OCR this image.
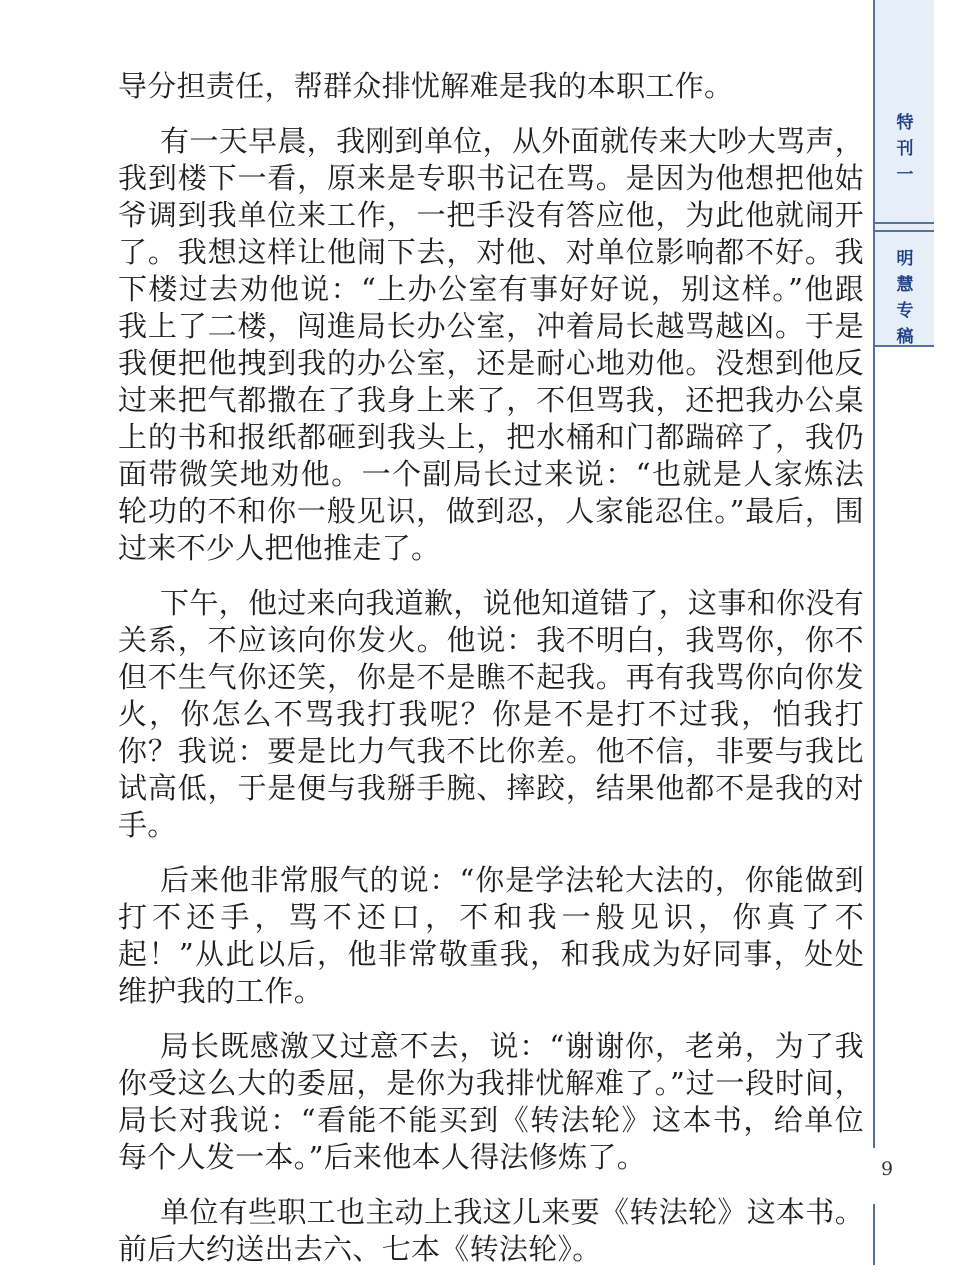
特
刊
一
明
慧
专
稿

导分担责任，帮群众排忧解难是我的本职工作。

有一天早晨，我刚到单位，从外面就传来大吵大骂声，我到楼下一看，原来是专职书记在骂。是因为他想把他姑爷调到我单位来工作，一把手没有答应他，为此他就闹开了。我想这样让他闹下去，对他、对单位影响都不好。我下楼过去劝他说：“上办公室有事好好说，别这样。”他跟我上了二楼，闯進局长办公室，冲着局长越骂越凶。于是我便把他拽到我的办公室，还是耐心地劝他。没想到他反过来把气都撒在了我身上来了，不但骂我，还把我办公桌上的书和报纸都砸到我头上，把水桶和门都踹碎了，我仍面带微笑地劝他。一个副局长过来说：“也就是人家炼法轮功的不和你一般见识，做到忍，人家能忍住。”最后，围过来不少人把他推走了。

下午，他过来向我道歉，说他知道错了，这事和你没有关系，不应该向你发火。他说：我不明白，我骂你，你不但不生气你还笑，你是不是瞧不起我。再有我骂你向你发火，你怎么不骂我打我呢？你是不是打不过我，怕我打你？我说：要是比力气我不比你差。他不信，非要与我比试高低，于是便与我掰手腕、摔跤，结果他都不是我的对手。

后来他非常服气的说：“你是学法轮大法的，你能做到打不还手，骂不还口，不和我一般见识，你真了不起！”从此以后，他非常敬重我，和我成为好同事，处处维护我的工作。

局长既感激又过意不去，说：“谢谢你，老弟，为了我你受这么大的委屈，是你为我排忧解难了。”过一段时间，局长对我说：“看能不能买到《转法轮》这本书，给单位每个人发一本。”后来他本人得法修炼了。

单位有些职工也主动上我这儿来要《转法轮》这本书。前后大约送出去六、七本《转法轮》。

9
